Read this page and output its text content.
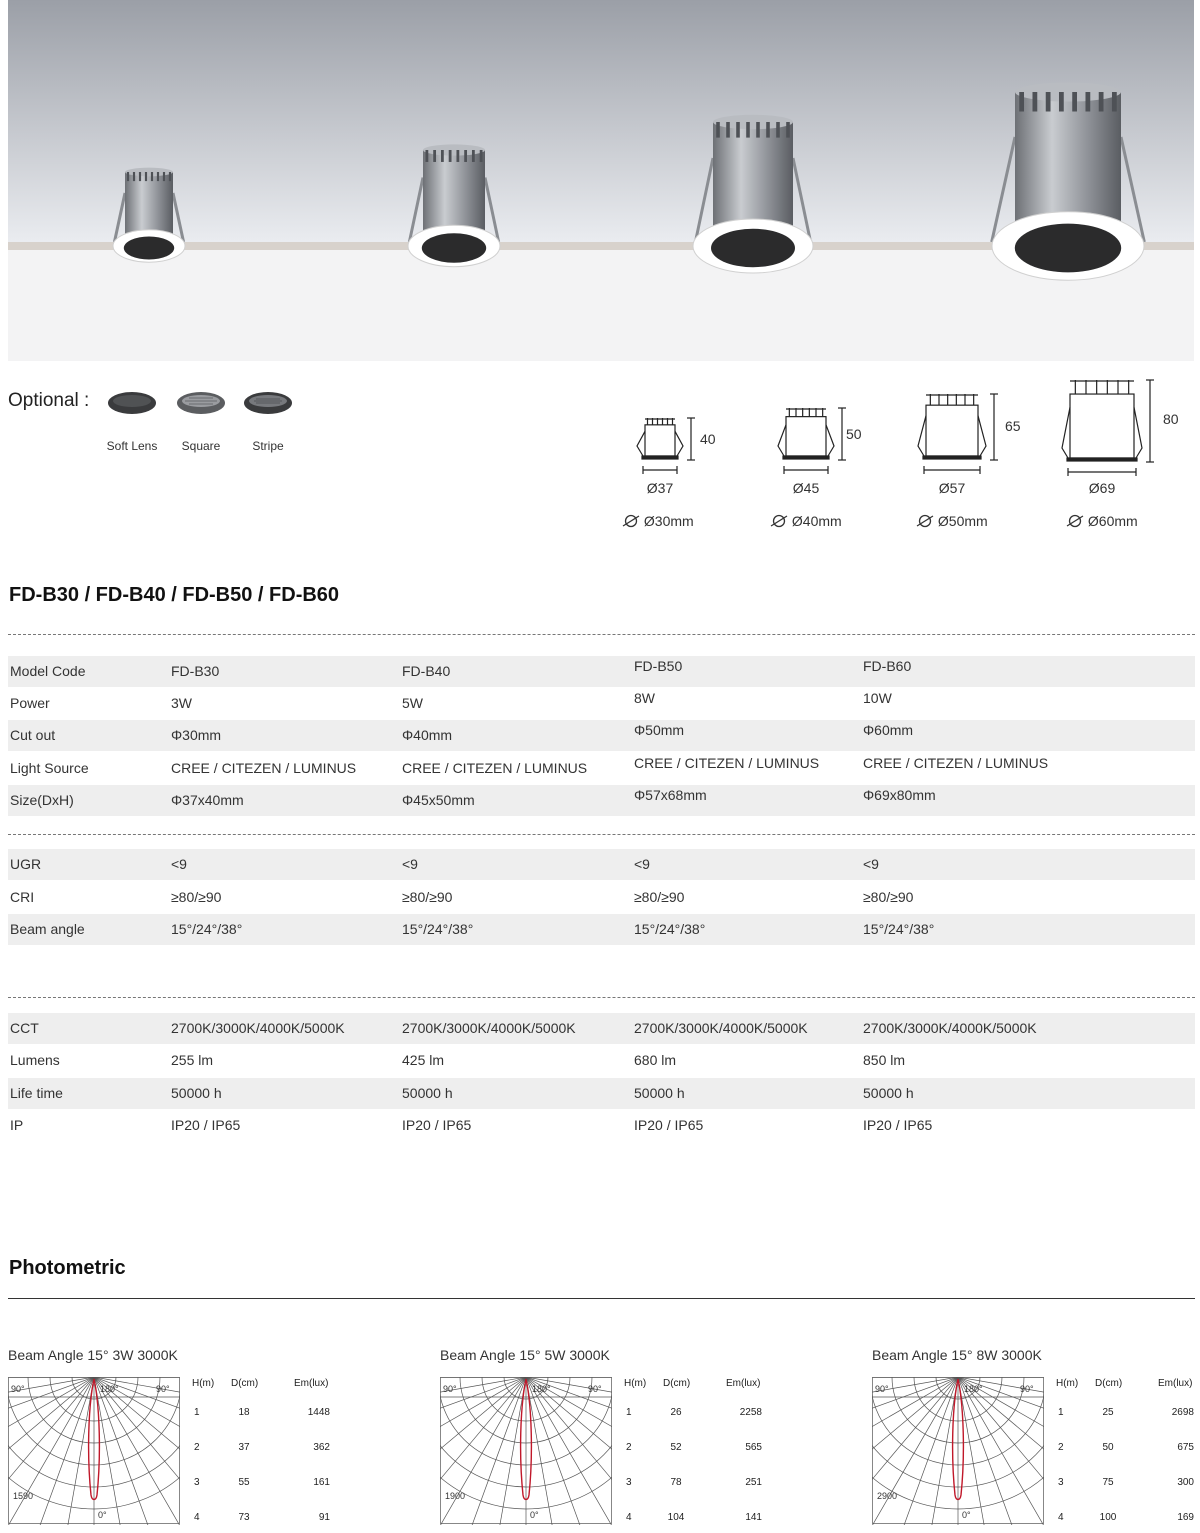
Optional :
Soft Lens	Square	Stripe	40	50	65	80
Ø37	Ø45	Ø57	Ø69
Ø30mm	Ø40mm	Ø50mm	Ø60mm
FD-B30 / FD-B40 / FD-B50 / FD-B60
Model Code	FD-B30	FD-B40	FD-B50	FD-B60
Power	3W	5W	8W	10W
Cut out	Φ30mm	Φ40mm	Φ50mm	Φ60mm
Light Source	CREE / CITEZEN / LUMINUS	CREE / CITEZEN / LUMINUS	CREE / CITEZEN / LUMINUS	CREE / CITEZEN / LUMINUS
Size(DxH)	Φ37x40mm	Φ45x50mm	Φ57x68mm	Φ69x80mm
UGR	<9	<9	<9	<9
CRI	≥80/≥90	≥80/≥90	≥80/≥90	≥80/≥90
Beam angle	15°/24°/38°	15°/24°/38°	15°/24°/38°	15°/24°/38°
CCT	2700K/3000K/4000K/5000K	2700K/3000K/4000K/5000K	2700K/3000K/4000K/5000K	2700K/3000K/4000K/5000K
Lumens	255 lm	425 lm	680 lm	850 lm
Life time	50000 h	50000 h	50000 h	50000 h
IP	IP20 / IP65	IP20 / IP65	IP20 / IP65	IP20 / IP65
Photometric
Beam Angle 15° 3W 3000K
90°	180°	90°
0°
1590
H(m) D(cm)	Em(lux)
1	18	1448
2	37	362
3	55	161
4	73	91
Beam Angle 15° 5W 3000K
90°	180°	90°
0°
1900
H(m) D(cm)	Em(lux)
1	26	2258
2	52	565
3	78	251
4	104	141
Beam Angle 15° 8W 3000K
90°	180°	90°
0°
2900
H(m) D(cm)	Em(lux)
1	25	2698
2	50	675
3	75	300
4	100	169
